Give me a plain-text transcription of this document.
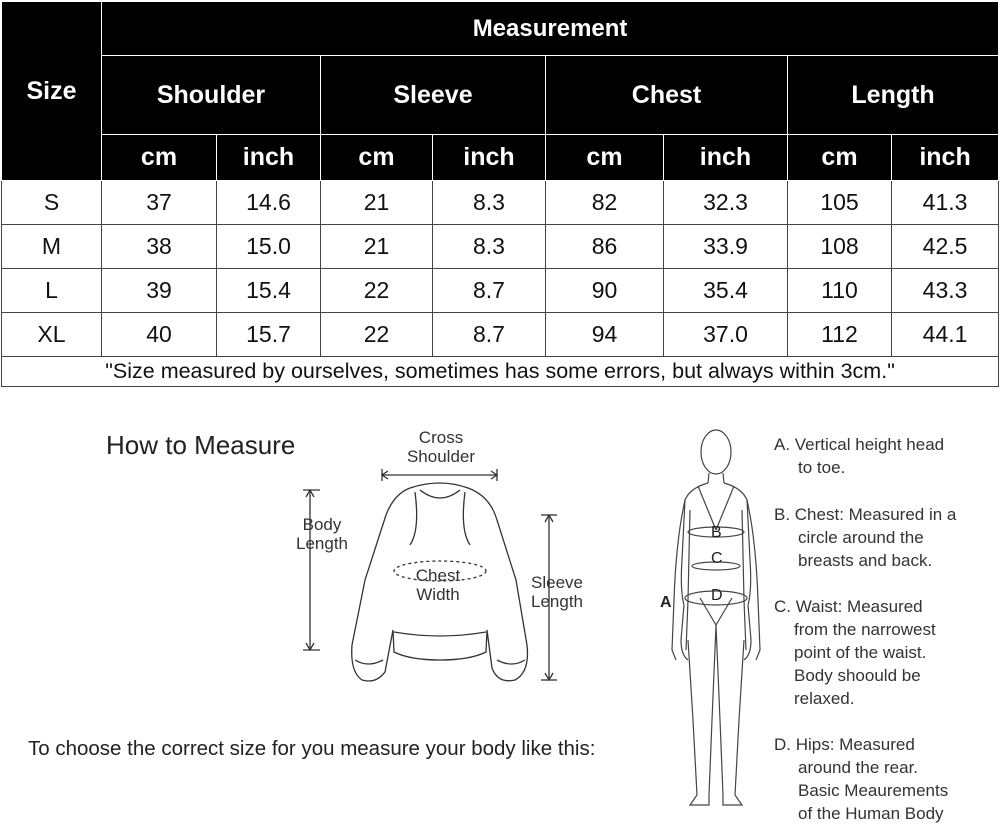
Size	Measurement							
	Shoulder		Sleeve		Chest		Length	
	cm	inch	cm	inch	cm	inch	cm	inch
S	37	14.6	21	8.3	82	32.3	105	41.3
M	38	15.0	21	8.3	86	33.9	108	42.5
L	39	15.4	22	8.7	90	35.4	110	43.3
XL	40	15.7	22	8.7	94	37.0	112	44.1
"Size measured by ourselves, sometimes has some errors, but always within 3cm."								
How to Measure	Cross
Shoulder
Body
Length
Chest
Width
Sleeve
Length
To choose the correct size for you measure your body like this:
A
B
C
D
A. Vertical height head
to toe.
B. Chest: Measured in a
circle around the
breasts and back.
C. Waist: Measured
from the narrowest
point of the waist.
Body shoould be
relaxed.
D. Hips: Measured
around the rear.
Basic Meaurements
of the Human Body
